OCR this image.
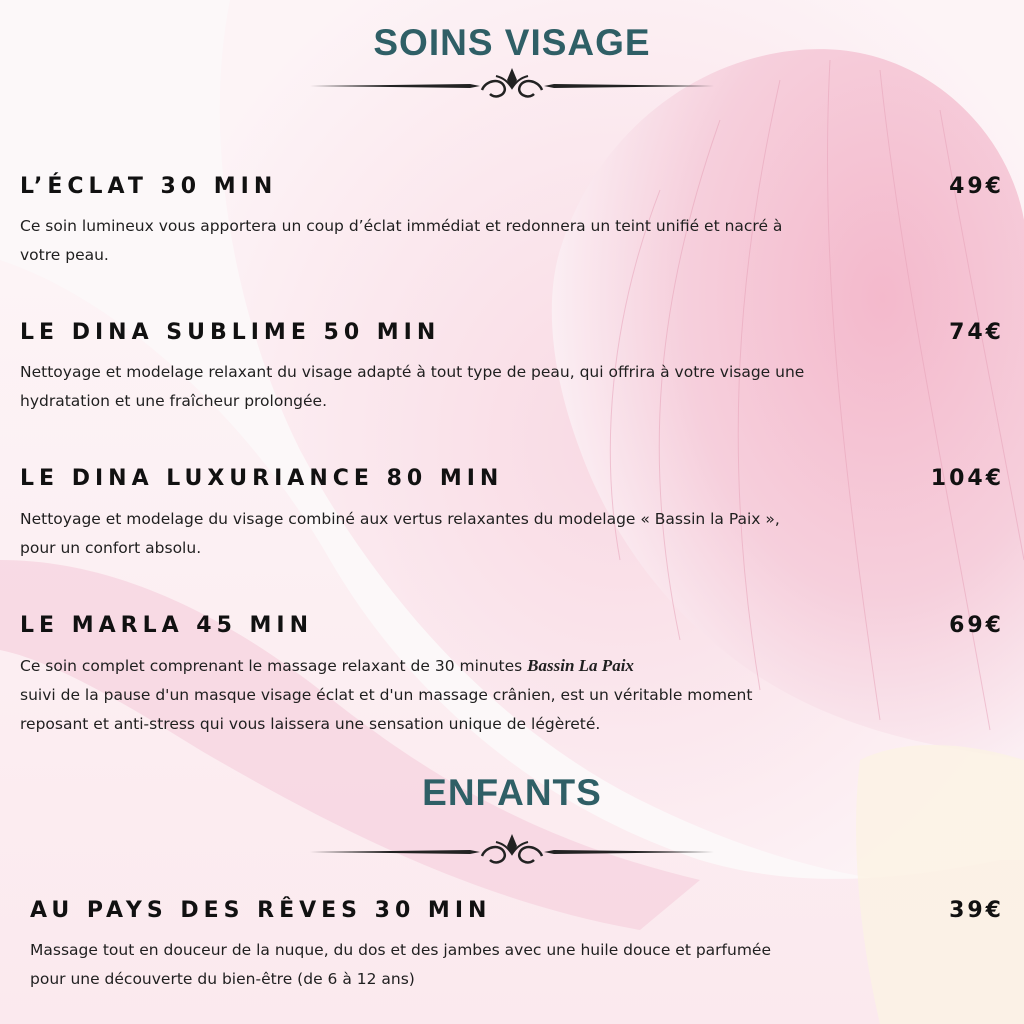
SOINS VISAGE
L’ÉCLAT 30 MIN	49€

Ce soin lumineux vous apportera un coup d’éclat immédiat et redonnera un teint unifié et nacré à votre peau.

LE DINA SUBLIME 50 MIN	74€

Nettoyage et modelage relaxant du visage adapté à tout type de peau, qui offrira à votre visage une hydratation et une fraîcheur prolongée.

LE DINA LUXURIANCE 80 MIN	104€

Nettoyage et modelage du visage combiné aux vertus relaxantes du modelage « Bassin la Paix », pour un confort absolu.

LE MARLA 45 MIN	69€

Ce soin complet comprenant le massage relaxant de 30 minutes Bassin La Paix
suivi de la pause d'un masque visage éclat et d'un massage crânien, est un véritable moment reposant et anti-stress qui vous laissera une sensation unique de légèreté.

ENFANTS
AU PAYS DES RÊVES 30 MIN	39€

Massage tout en douceur de la nuque, du dos et des jambes avec une huile douce et parfumée pour une découverte du bien-être (de 6 à 12 ans)
